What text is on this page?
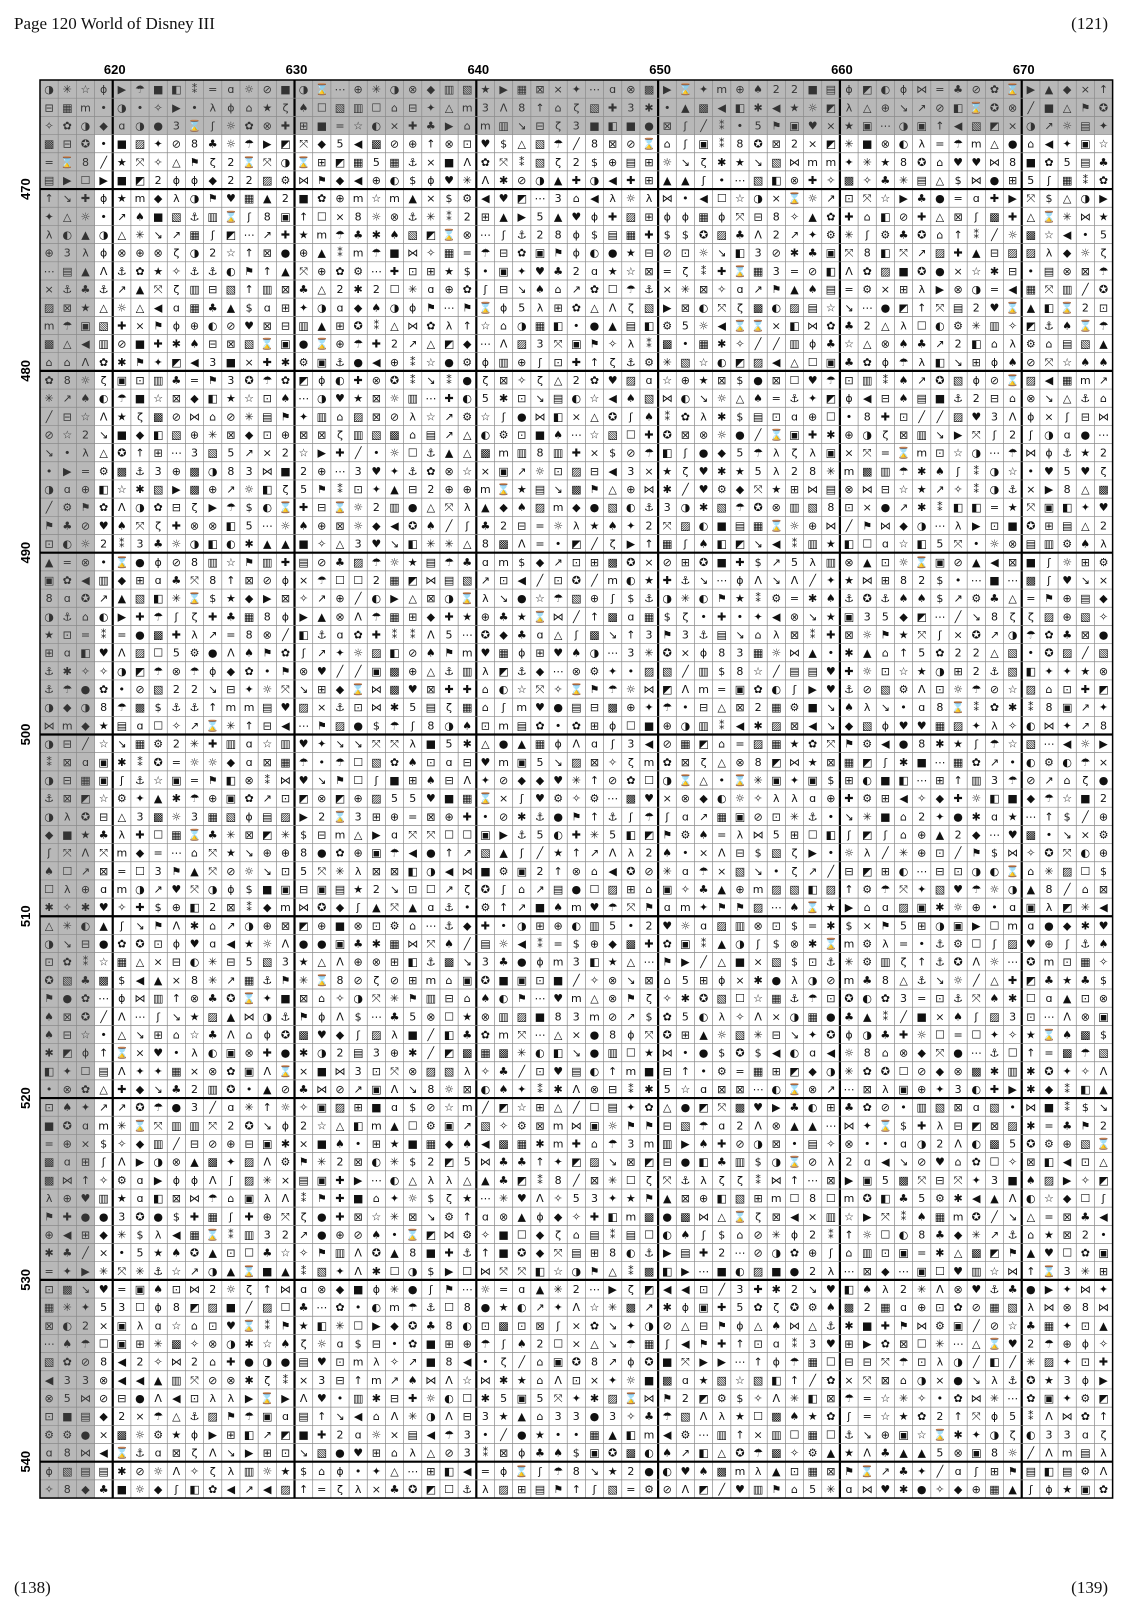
Page 120 World of Disney III	(121)
(138)	(139)
◑ ✳ ☆ ϕ ▶ ☂ ■ ◧ ⁑ = ɑ ☼ ⊘ ■ ◑ ⌛ ⋯ ⊕ ✳ ◑ ⊗ ◆ ▥ ▧ ★ ▶ ▦ ⊠ × ✦ ⋯ ɑ ⊗ ▩ ▶ ⌛ ✦ m ⊕ ♠ 2 2 ■ ▤ ϕ ◩ ◐ ϕ ⋈ = ♣ ⊘ ✿ ⌛ ▶ ▲ ◆ × ↑
⊟ ▦ m • ◑ • ✧ ▶ • λ ϕ ⌂ ★ ζ ♠ ☐ ▧ ▥ ☐ ⌂ ⊟ ✦ △ m 3 Ʌ 8 ↑ ⌂ ζ ▧ ✚ 3 ✱ • ▲ ▩ ◀ ◧ ✱ ◀ ★ ☼ ◩ λ △ ⊕ ↘ ↗ ⊘ ◧ ⌛ ✪ ⊗ ╱ ■ △ ⚑ ✪
✧ ✿ ◑ ◆ ɑ ◑ ● 3 ⌛ ʃ ☼ ✿ ⊗ ✚ ⊞ ■ = ☆ ◐ × ✚ ♣ ▶ ⌂ m ▥ ↘ ⊟ ζ 3 ■ ◧ ■ ● ⊠ ʃ ╱ ⁑ • 5 ⚑ ▣ ♥ × ★ ▣ ⋯ ◑ ▣ ↑ ◀ ▧ ◩ × ◑ ↗ ☼ ▤ ✦
▩ ⊟ ✪ • ■ ▨ ✦ ⊘ 8 ♣ ☼ ☂ ▶ ◩ ⤧ ◆ 5 ◀ ▩ ⊘ ⊕ ↑ ⊗ ⊡ ♥ $ △ ▧ ☂ ╱ 8 ⊠ ⊘ ⌛ ⌂ ʃ ▣ ⁑ 8 ✪ ⊠ 2 × ◩ ✳ ■ ⊗ ◐ λ = ☂ m △ ● ⌂ ◀ ✦ ▣ ☆
= ⌛ 8 ╱ ★ ⤧ ✧ △ ⚑ ζ 2 ⌛ ⤧ ◑ ⌛ ⊞ ◩ ▦ 5 ▦ ⚓ × ■ Ʌ ✿ ⤧ ⁑ ▧ ζ 2 $ ⊕ ▤ ⊞ ☼ ↘ ζ ✱ ★ ↘ ▧ ⋈ m m ✦ ✳ ★ 8 ✪ ⌂ ♥ ♥ ⋈ 8 ■ ✿ 5 ▤ ♣
▤ ▶ ☐ ▶ ■ ◩ 2 ϕ ϕ ◆ 2 2 ▨ ⚙ ⋈ ⚑ ◆ ◀ ⊕ ◐ $ ϕ ♥ ✳ Ʌ ✱ ⊘ ◑ ▲ ✚ ◑ ◀ ✚ ⊞ ▲ ▲ ʃ • ⋯ ▧ ◧ ⊗ ✚ ✧ ▩ ✧ ♣ ✳ ▤ △ $ ⋈ ● ⊞ 5 ʃ ▦ ⁑ ✿
↑ ↘ ✚ ϕ ★ m ◆ λ ◑ ⚑ ♥ ▦ ▲ 2 ■ ✿ ⊕ m ☆ m ▲ × $ ⚙ ◀ ♥ ◩ ⋯ 3 ⌂ ◀ λ ☼ λ ⋈ • ◀ ☐ ☆ ◑ × ⌛ ☼ ↗ ⊡ ⤧ ☆ ▶ ♣ ● = ɑ ✚ ▶ ⤧ $ △ ◑ ▶
✦ △ ☼ • ↗ ♠ ■ ▧ ⚓ ▥ ⌛ ʃ 8 ▣ ↑ ☐ × 8 ☼ ⊗ ⚓ ✳ ⁑ 2 ⊞ ▲ ▶ 5 ▲ ♥ ϕ ✚ ▨ ⊞ ϕ ϕ ▦ ϕ ⤧ ⊟ 8 ✧ ▲ ✿ ✚ ⌂ ◧ ⊘ ✚ △ ⊠ ʃ ▩ ✚ △ ⌛ ✳ ⋈ ★
λ ◐ ▲ ◑ △ ✳ ↘ ↗ ▦ ʃ ◩ ⋯ ↗ ✚ ★ m ☂ ♣ ✱ ♠ ▧ ◩ ⌛ ⊗ ⋯ ʃ ⚓ 2 8 ϕ $ ▤ ▦ ✚ $ $ ✪ ▨ ♣ Ʌ 2 ↗ ✦ ⚙ ✳ ʃ ⚙ ♣ ✪ ⌂ ↑ ⁑ ╱ ☼ ▩ ☆ ◀ • 5
⊕ 3 λ ϕ ⊗ ⊕ ⊗ ζ ◑ 2 ☆ ↑ ⊠ ● ⊕ ▲ ⁑ m ☂ ■ ⋈ ✧ ▦ = ☂ ⊟ ✿ ▣ ⚑ ϕ ◐ ● ★ ⊟ ⊘ ⊡ ☼ ↘ ◧ 3 ⊘ ✱ ♣ ▣ ⤧ 8 ◧ ⤧ ↗ ▨ ✚ ▲ ⊟ ▨ ▨ λ ◆ ☼ ζ
⋯ ▤ ▲ Ʌ ⚓ ✿ ★ ✧ ⚓ ⚓ ◐ ⚑ ↑ ▲ ⤧ ⊕ ✿ ⚙ ⋯ ✚ ⊡ ⊞ ★ $ • ▣ ✦ ♥ ♣ 2 ɑ ★ ☆ ⊠ = ζ ⁑ ✚ ⌛ ▦ 3 = ⊘ ◧ Ʌ ✿ ▨ ■ ✪ ● × ☆ ✱ ⊟ • ▤ ⊗ ⊠ ☂
× ⚓ ♣ ⚓ ↗ ▲ ⤧ ζ ▥ ⊟ ▧ ↑ ▥ ⊠ ♣ △ 2 ✱ 2 ☐ ✳ ɑ ⊕ ✿ ʃ ⊟ ↘ ♠ ⌂ ↗ ✿ ☐ ☂ ⚓ × ✳ ⊠ ✧ ɑ ↗ ⚑ ▲ ♠ ▤ = ⚙ × ⊞ λ ▶ ⊗ ◑ = ◀ ▦ ⤧ ▥ ╱ ✪
▨ ⊠ ★ △ ☼ △ ◀ ɑ ▦ ♣ ▲ $ ɑ ⊞ ✦ ◑ ɑ ◆ ♠ ◑ ϕ ⚑ ⋯ ⚑ ⌛ ϕ 5 λ ⊞ ✿ △ Ʌ ζ ▧ ▶ ⊠ ◐ ⤧ ζ ▩ ◐ ▨ ▤ ☆ ↘ ⋯ ● ◩ ↑ ⤧ ▤ 2 ♥ ⌛ ▲ ◧ ⌛ 2 ⊡
m ☂ ▣ ▧ ✚ × ⚑ ϕ ⊕ ◐ ⊘ ♥ ⊠ ⊟ ▥ ▲ ⊞ ✪ ⁑ △ ⋈ ✿ λ ↑ ☆ ⌂ ◑ ▦ ◧ • ● ▲ ▤ ◧ ⚙ 5 ☼ ◀ ⌛ ⌛ × ◧ ⋈ ✿ ♣ 2 △ λ ☐ ◐ ⚙ ✳ ▥ ✧ ◩ ⚓ ♠ ⌛ ☂
▩ △ ◀ ▥ ⊘ ■ ✚ ✱ ♠ ⊟ ⊠ ▧ ⌛ ▣ ● ⌛ ⊕ ☂ ✚ 2 ↗ △ ◩ ◆ ⋯ Ʌ ▨ 3 ⤧ ▣ ⚑ ✧ λ ⁑ ▩ • ▦ ✱ ✧ ╱ ╱ ▥ ϕ ♣ ☆ △ ⊗ ♠ ♣ ↗ 2 ◧ ⌂ λ ⚙ ⌂ ▤ ▧ ▲
⌂ ⌂ Ʌ ✿ ✱ ⚑ ✦ ◩ ◀ 3 ■ × ✚ ✱ ⚙ ▣ ⚓ ● ◀ ⊕ ⁑ ☆ ● ⚙ ϕ ▥ ⊕ ʃ ⊡ ✚ ↑ ζ ⚓ ⚙ ✳ ▧ ☆ ◐ ◩ ▨ ◀ △ ☐ ▣ ♣ ✿ ϕ ☂ λ ◧ ↘ ⊞ ϕ ♠ ⊘ ⤧ ☆ ♠ ♠
✿ 8 ☼ ζ ▣ ⊡ ▥ ♣ = ⚑ 3 ✪ ☂ ✿ ◩ ϕ ◐ ✚ ⊗ ✪ ⁑ ↘ ⁑ ● ζ ⊠ ✧ ζ △ 2 ✿ ♥ ▨ ɑ ☆ ⊕ ★ ⊠ $ ● ⊠ ☐ ♥ ☂ ⊡ ▥ ⁑ ♠ ↗ ✪ ▧ ϕ ⊘ ⌛ ▨ ◀ ▦ m ↗
✳ ↗ ♠ ◐ ☂ ■ ☆ ⊠ ◆ ◧ ★ ☆ ⊡ ♠ ⋯ ◑ ♥ ★ ⊠ ☼ ▥ ⋯ ✚ ◐ 5 ✱ ⊡ ↘ ▤ ◐ ☆ ◀ ♠ ▧ ⋈ ◐ ↘ ☼ △ ♠ = ⚓ ✦ ◩ ϕ ◀ ⊟ ♠ ▤ ■ ⚓ 2 ⊟ ⌂ ⊗ ↘ △ ⚓ ⌂
╱ ⊟ ☆ Ʌ ★ ζ ▩ ⊘ ⋈ ⌂ ⊘ ✳ ▤ ⚑ ✦ ▥ ⌂ ▨ ⊠ ⊘ λ ☆ ↗ ⚙ ☆ ʃ ● ⋈ ◧ × △ ✪ ʃ ♠ ⁑ ✿ λ ✱ $ ▤ ⊡ ɑ ⊕ ☐ • 8 ✚ ⊡ ╱ ╱ ▨ ♥ 3 Ʌ ϕ × ʃ ⊟ ⋈
⊘ ☆ 2 ↘ ■ ◆ ◧ ▧ ⊕ ✳ ⊠ ◆ ⊡ ⊕ ⊠ ⊠ ζ ▥ ▧ ▩ ⌂ ▤ ↗ △ ◐ ⚙ ⊡ ■ ♠ ⋯ ☆ ▧ ☐ ✚ ✪ ⊠ ⊗ ☼ ● ╱ ⌛ ▣ ✚ ✱ ⊕ ◑ ζ ⊠ ▥ ↘ ▶ ⤧ ʃ 2 ʃ ◑ ɑ ● ⋯
↘ • λ △ ✪ ↑ ⊞ ⋯ 3 ▧ 5 ↗ × 2 ☆ ▶ ✚ ╱ • ☼ ☐ ⚓ ▲ △ ▩ m ▥ 8 ▥ ✚ × $ ⊘ ☂ ◧ ʃ ● ◆ 5 ☂ λ ζ λ ▣ × ⤧ = ⌛ m ⊡ ☆ ◑ ⋯ ☂ ⋈ ϕ ⚓ ★ 2
• ▶ = ⚙ ▩ ⚓ 3 ⊕ ▩ ◑ 8 3 ⋈ ■ 2 ⊕ ⋯ 3 ♥ ✦ ⚓ ✿ ⊗ ☆ × ▣ ↗ ☼ ⊡ ▨ ⊟ ◀ 3 × ★ ζ ♥ ✱ ★ 5 λ 2 8 ✳ m ▩ ▥ ☂ ✱ ♠ ʃ ⁑ ◑ ☆ • ♥ 5 ♥ ζ
◑ ɑ ⊕ ◧ ☆ ✱ ▧ ▶ ▩ ⊕ ↗ ☼ ◧ ζ 5 ⚑ ⁑ ⊡ ✦ ▲ ⊟ 2 ⊕ ⊕ m ⌛ ★ ▤ ↘ ▩ ⚑ △ ⊕ ⋈ ✱ ╱ ♥ ⚙ ◆ ⤧ ★ ⊞ ⋈ ▤ ⊗ ⋈ ⊟ ☆ ★ ↗ ✧ ⁑ ◑ ⚓ × ▶ 8 △ ▩
╱ ⚙ ⚑ ✿ Ʌ ◑ ✿ ⊟ ζ ▶ ☂ $ ◐ ⌛ ✚ ⊟ ⌛ ☼ 2 ▥ ● △ ⤧ λ ▲ ◆ ♠ ▨ m ◆ ● ▧ ◐ ⚓ 3 ◑ ✱ ▧ ☂ ✪ ⊗ ▥ ▧ 8 ⊡ × ● ↗ ✱ ⁑ ◧ ◧ = ★ ⤧ ▣ ◧ ✦ ♥
⚑ ♣ ⊘ ♥ ♠ ⤧ ζ ✚ ⊗ ⊗ ◧ 5 ⋯ ☼ ♠ ⊕ ⊠ ☼ ◆ ◀ ✪ ♠ ╱ ʃ ♣ 2 ⊟ = ☼ λ ★ ♠ ✦ 2 ⤧ ▨ ◐ ■ ▤ ▦ ⌛ ☼ ⊕ ⋈ ╱ ⚑ ⋈ ◆ ◑ ⋯ λ ▶ ⊡ ■ ✪ ⊞ ▤ △ 2
⊡ ◐ ☼ 2 ⁑ 3 ♣ ☼ ◑ ◧ ◐ ✱ ▲ ▲ ■ ✧ △ 3 ♥ ↘ ◧ ✳ ✳ △ 8 ▩ Ʌ = • ◩ ╱ ζ ▶ ↑ ▦ ʃ ♠ ◧ ◩ ↘ ◀ ⁑ ▥ ★ ◧ ☐ ɑ ☆ ◧ 5 ⤧ • ☼ ⊗ ▤ ▥ ⚙ ♠ λ
▲ = ⊗ • ⌛ ● ϕ ⊘ 8 ▥ ☆ ⚑ ▥ ✚ ▤ ⊘ ♣ ▨ ☂ ☼ ★ ▤ ☂ ♣ ɑ m $ ◆ ↗ ⊡ ⊞ ▩ ✪ × ⊘ ⊞ ✪ ■ ✚ $ ↗ 5 λ ▥ ⊗ ▲ ⊡ ☼ ⌛ ▣ ⊘ ▲ ◀ ⊠ ■ ʃ ☼ ⊞ ⚙
▣ ✿ ◀ ▥ ◆ ⊞ ɑ ♣ ⤧ 8 ↑ ⊠ ⊘ ϕ × ☂ ☐ ☐ 2 ▦ ◩ ⋈ ▤ ▧ ↗ ⊡ ◀ ╱ ⊡ ✪ ╱ m ◐ ★ ✚ ⚓ ↘ ⋯ ϕ Ʌ ↘ Ʌ ╱ ✦ ★ ⋈ ⊞ 8 2 $ • ⋯ ■ ⋯ ▩ ʃ ♥ ↘ ×
8 ɑ ✪ ↗ ▲ ▧ ◧ ✳ ⌛ $ ★ ◆ ▶ ⊠ ✧ ↗ ⊕ ╱ ◐ ▶ △ ⊠ ◑ ⌛ λ ↘ ● ☆ ☂ ▧ ⊕ ʃ $ ⚓ ◑ ✳ ◐ ⚑ ★ ⁑ ⚙ = ✱ ♠ ⚓ ✪ ⚓ ♠ ♠ $ ↗ ⚙ ♣ △ = ⚑ ⊕ ▤ ◆
◑ ⚓ ⌂ ◐ ▶ ✚ ☂ ʃ ζ ✚ ♣ ▦ 8 ϕ ▶ ▲ ⊗ Ʌ ☂ ▦ ⊞ ◆ ✚ ★ ⊕ ♣ ★ ⌛ ⋈ ╱ ↑ ▩ ɑ ▦ $ ζ • ✚ • ✦ ◀ ⊗ ↘ ★ ▣ 3 5 ◆ ◩ ⋯ ╱ ↘ 8 ζ ζ ▨ ⊕ ▧ ✧
★ ⊡ = ⁑ = ● ▩ ✚ λ ↗ = 8 ⊗ ╱ ◧ ⚓ ɑ ✿ ✚ ⁑ ⁑ Ʌ 5 ⋯ ✪ ◆ ♣ ɑ △ ʃ ▩ ↘ ↑ 3 ⚑ 3 ⚓ ▤ ↘ ⌂ λ ⊠ ⁑ ✚ ⊠ ☼ ⚑ ★ ⤧ ʃ × ✪ ↗ ◑ ☂ ✿ ♣ ⊠ ●
⊞ ɑ ◧ ♥ Ʌ ▨ ☐ 5 ⚙ ● Ʌ ♠ ⚑ ✿ ʃ ↗ ✦ ☼ ▨ ◧ ⊘ ♠ ⚑ m ♥ ▦ ϕ ⊞ ♥ ♠ ◑ ⋯ 3 ✳ ✪ × ϕ 8 3 ▦ ☼ ⋈ ▲ • ✱ ▲ ⌂ ↑ 5 ✿ 2 2 △ ▧ • ✪ ▨ ╱ ▧
⚓ ✱ ✧ ✧ ◑ ◩ ☂ ⊗ ☂ ϕ ◆ ✿ • ⚑ ⊗ ♥ ╱ ╱ ▣ ▩ ⊕ △ ⚓ ▥ λ ◩ ⚓ ◆ ⋯ ⊗ ⚙ ✦ • ▨ ▧ ╱ ▥ $ 8 ☆ ╱ ▤ ▤ ♥ ✚ ☼ ⊡ ☆ ★ ◑ ⊞ 2 ⚓ ▧ ◧ ✦ ✦ ★ ⊗
⚓ ☂ ● ✿ • ⊘ ▧ 2 2 ↘ ⊟ ✦ ☼ ⤧ ↘ ⊞ ◆ ⌛ ⋈ ▩ ♥ ⊠ ✚ ✚ ⌂ ◐ ☆ ⤧ ✧ ⌛ ⚑ ☂ ☼ ⋈ ◩ Ʌ m = ▣ ✿ ◐ ʃ ▶ ♥ ⚓ ⊘ ▧ ⚙ Ʌ ⊡ ☼ ☂ ⊘ ☆ ▨ ⌂ ⊡ ✚ ◩
◑ ◆ ◑ 8 ☂ ▩ $ ⚓ ⚓ ↑ m m ▤ ♥ ▨ × ⚓ ⊡ ⋈ ✱ 5 ▤ ζ ▦ ⌂ ʃ m ♥ ● ▤ ⊟ ▩ ⊕ ✦ ☂ • ⊟ △ ⊠ 2 ▦ ⚙ ■ ↘ ♠ λ ↘ • ɑ 8 ⌛ ⁑ ✿ ✱ ⁑ 8 ▣ ↗ ✦
⋈ m ◆ ★ ▤ ɑ ☐ ✧ ↗ ⌛ ✳ ↑ ⊟ ◀ ⋯ ⚑ ▨ ● $ ☂ ʃ 8 ◑ ♠ ⊡ m ▤ ✿ • ✿ ⊞ ϕ ☐ ■ ⊕ ◑ ▥ ⁑ ◀ ✱ ▨ ⊠ ◀ ↘ ◆ ▧ ϕ ♥ ♥ ▦ ▨ ✦ λ ✧ ◐ ⋈ ✦ ↗ 8
◑ ⊟ ╱ ☆ ↘ ▦ ⚙ 2 ✳ ✚ ▥ ɑ ☆ ▥ ♥ ✦ ↘ ↘ ⤧ ⤧ λ ■ 5 ✱ △ ● ▲ ▦ ϕ Ʌ ɑ ʃ 3 ◀ ⊘ ▦ ◩ ⌂ = ▨ ▦ ★ ✿ ⤧ ⚑ ⚙ ◀ ● 8 ✱ ★ ʃ ☂ ☆ ▧ ⋯ ◀ ☼ ▶
⁑ ⊠ ɑ ▣ ✱ ⁑ ✪ = ☼ ☼ ◆ ɑ ⊠ ▦ ☂ • ☂ ☐ ▧ ✿ ♠ ⊡ ɑ ⊟ ♥ m ▣ 5 ↘ ▨ ⊠ ✧ ζ m ✿ ⊠ ζ △ ⊗ 8 ◩ ⋈ ★ ⊠ ▦ ◩ ʃ ✱ ■ ⋯ ▦ ✿ ↗ • ◐ ⚙ ◐ ☂ ×
◑ ⊟ ▦ ▣ ʃ ⚓ ☆ ▣ = ⚑ ◧ ⊗ ⁑ ⋈ ♥ ↘ ⚑ ☐ ʃ ■ ⊞ ♠ ⊟ Ʌ ✦ ⊘ ◆ ◆ ♥ ✳ ↑ ⊘ ✿ ☐ ◑ ⌛ △ • ⌛ ✳ ▣ ✦ ▣ $ ⊞ ◐ ■ ◧ ⋯ ⊞ ↑ ▥ 3 ☂ ⊘ ↗ ⌂ ζ ●
⚓ ⊠ ◩ ☆ ⚙ ✦ ▲ ✱ ☂ ⊕ ▣ ✿ ↗ ⊡ ◩ ⊗ ◩ ⊕ ▨ 5 5 ♥ ■ ▦ ⌛ × ʃ ♥ ⚙ ✧ ⚙ ⋯ ▩ ♥ × ⊗ ◆ ◐ ☼ ✧ λ λ ɑ ⊕ ✚ ⚙ ⊞ ◀ ✧ ◆ ✚ ☼ ◧ ■ ◆ ☂ ☆ ■ 2
◑ λ ✪ ⊟ △ 3 ▩ ☼ 3 ▦ ▧ ϕ ▤ ▨ ▶ 2 ⌛ 3 ⊞ ⊕ = ⊠ ⊕ ✚ • ⊘ ✱ ⚓ ● ⚑ ↑ ⚓ ʃ ☂ ʃ ɑ ↗ ▦ ▣ ⊘ ⊡ ✳ ⚓ • ↘ ✳ ■ ⌂ 2 ✦ ● ✱ ɑ ★ ⋯ ↑ $ ╱ ⊕
◆ ■ ★ ♣ λ ✚ ☐ ▦ ⌛ ♣ ✳ ⊠ ◩ ✳ $ ⊟ m △ ▶ ɑ ⤧ ⤧ ☐ ☐ ▣ ▶ ⚓ 5 ◐ ✚ ✳ 5 ◧ ◩ ⚑ ⚙ ♠ = λ ⋈ 5 ⊞ ☐ ◧ ʃ ◩ ʃ ⌂ ⊕ ▲ 2 ◆ ⋯ ♥ ▩ • ↘ × ⚙
ʃ ⤧ Ʌ ⤧ m ◆ = ⋯ ⌂ ⤧ ★ ↘ ⊕ ⊕ 8 ● ✿ ⊕ ▣ ☂ ◀ ● ↑ ↗ ▧ ▲ ʃ ╱ ★ ↑ ↗ Ʌ λ 2 ♠ • × Ʌ ⊟ $ ▧ ζ ▶ • ☼ λ ╱ ✳ ⊕ ⊡ ╱ ⚑ $ ⋈ ✧ ✪ ⤧ ◐ ⊕
♠ ☐ ↗ ⊠ = ☐ 3 ⚑ ▲ ⤧ ⊘ ☼ ↘ ⊡ 5 ⤧ ✳ λ ⊠ ⊠ ◧ ◑ ◀ ⋈ ■ ⚙ ▣ 2 ↑ ⊗ ⌂ ◀ ✪ ⊘ ✳ ɑ ☂ × ▧ ↘ • ζ ↗ ╱ ⊟ ◩ ⊞ ◐ ⋯ ⊟ ⊡ ◑ ◐ ⌛ ⌂ ✳ ▨ ☐ $
☐ λ ⊕ ɑ m ◑ ↗ ♥ ⤧ ◑ ϕ $ ■ ▣ ⊟ ▣ ▤ ★ 2 ↘ ⊡ ☐ ↗ ζ ✪ ʃ ⌂ ↗ ▤ ● ☐ ▨ ⊞ ⌂ ▣ ✧ ♣ ▲ ⊕ m ▨ ▧ ◧ ▨ ↑ ⚙ ☂ ⤧ ✦ ▧ ♥ ☂ ☼ ◑ ▲ 8 ╱ ⌂ ⊠
✱ ✧ ✱ ♥ ✧ ✚ $ ⊕ ◧ 2 ⊠ ⁑ ◆ m ⋈ ✪ ◆ ʃ ▲ ⤧ ▲ ɑ ⚓ • ⚙ ↑ ↗ ■ ♠ m ♥ ☂ ⤧ ⚑ ɑ m ✦ ⚑ ⚑ ▨ ⋯ ♠ ⌛ ★ ▶ ⌂ ɑ ▨ ▣ ✱ ☼ ⊕ • ɑ ▣ λ ◩ ✳ ◀
△ ✳ ◐ ▲ ʃ ↘ ⚑ Ʌ ✱ ⌂ ↗ ◑ ⊕ ⊠ ◩ ⊕ ■ ⊗ ⊡ ⚙ ⌂ ⋯ ⚓ ◆ ✚ • ◑ ⊞ ⊕ ◐ ▥ 5 • 2 ♥ ☼ ɑ ▨ ▥ ⊗ ⊡ $ = ✱ $ × ⚑ 5 ⊞ ◑ ▣ ▶ ☐ m ɑ ● ◆ ✱ ♥
◑ ↘ ⊟ ● ✿ ✪ ⊡ ϕ ♥ ɑ ◀ ★ ☼ Ʌ ● ● ▣ ♣ ✱ ▦ ⋈ ⤧ ♠ ╱ ▤ ☼ ◀ ⁑ = $ ⊕ ◆ ▩ ✚ ✿ ▣ ⁑ ▲ ◑ ʃ $ ⊗ ✱ ⌛ m ⚙ λ = • ⚓ ⚙ ☐ ʃ ▨ ♥ ⊕ ʃ ⚓ ♠
⊡ ✿ ⁑ ☆ ▦ △ × ⊟ ◐ ✳ ⊟ 5 ▧ 3 ★ △ Ʌ ⊕ ⊗ ⊞ ◧ ⚓ ▩ ↘ 3 ♣ ● ϕ m 3 ◧ ★ △ ⋯ ⚑ ▶ ╱ △ ■ × ▧ $ ⊡ ⚓ ✳ ⚙ ▥ ζ ↑ ⚓ ✪ Ʌ ☼ ⋯ ✪ m ⊡ ▦ ✧
✪ ▧ ♣ ▩ $ ◀ ▲ × 8 ✳ ↗ ▦ ⚓ ⚑ ✳ ⌛ 8 ⊘ ζ ⊘ ⊞ m ⌂ ▣ ✪ ■ ▣ ⊡ ■ ╱ ✧ ⊗ ↘ ⊠ ⌂ 5 ⊞ ϕ × ✱ ● λ ◑ ⊘ m ♣ 8 △ ⚓ ↘ ☼ ╱ △ ✚ ◩ ♣ ★ ♣ $
⚑ ● ✿ ⋯ ϕ ⋈ ▥ ↑ ⊗ ♣ ✪ ⌛ ✦ ■ ⊠ ⌂ ✧ ◑ ⤧ ✳ ⚑ ▥ ⊟ ⌂ ♠ ◐ ⚑ ⋯ ♥ m △ ⊗ ⚑ ζ ✧ ✱ ✪ ▧ ☐ ☆ ▦ ⚓ ☂ ⊡ ✪ ◐ ✿ 3 = ⊡ ⚓ ⤧ ♠ ✱ ☐ ɑ ▲ ⊡ ⊗
♠ ⊠ ✪ ╱ Ʌ ⋯ ʃ ↘ ★ ▨ ▲ ⋈ ◑ ⚓ ⚑ ϕ Ʌ $ ⋯ ♣ 5 ⊗ ☐ ★ ⊗ ▥ ▨ ■ 8 3 m ⊘ ↗ $ ✿ 5 ◐ λ ✧ Ʌ × ◑ ▦ ● ♣ ▲ ⁑ ╱ ■ × ♠ ʃ ▨ 3 ⊡ ⋯ Ʌ ⊗ ▣
♠ ⊟ ☆ • △ ↘ ⊞ ⌂ ☆ ♣ Ʌ ⌂ ϕ ✪ ▩ ♥ ◆ ʃ ▨ λ ■ ╱ ◧ ♣ ✿ m ⤧ ⋯ △ × ● 8 ϕ ⤧ ✪ ⊞ ▲ ☼ ▧ ✳ ⊟ ↘ ✦ ✪ ϕ ◑ ♣ ✚ ☼ ☐ = ☐ ✦ ✧ ★ ⌛ ♠ ▩ $
✱ ◩ ϕ ↑ ⌛ × ♥ • λ ◐ ▣ ⊗ ✚ ● ✱ ◑ 2 ▤ 3 ⊕ ✱ ╱ ◩ ▩ ▦ ▩ ✳ ◐ ◧ ↘ ● ▥ ☐ ★ ⋈ • ● $ ✪ $ ◀ ◐ ɑ ◀ ☼ 8 ⌂ ⊗ ◆ ⤧ ● ⋯ ⚓ ☐ ↑ = ▩ ☂ ▧
◧ ✦ ☐ ▤ Ʌ ✦ ✦ ▦ × ⊗ ✿ ▣ Ʌ ⌛ × ■ ⋈ 3 ⊡ ⤧ ⊗ ▨ ▧ λ ✧ ♣ ╱ ⊡ ♥ ▤ ◐ ↑ m ■ ⊟ ↑ • ⚙ = ▦ ⊞ ◩ ◆ ◑ ✳ ✿ ✪ ☐ ⊘ ◆ ⊗ ▩ ✱ ▥ ✱ ✪ ✦ ✧ Ʌ
• ⊗ ✿ △ ✚ ◆ ↘ ♣ 2 ▥ ✪ • ▲ ⊘ ♣ ⋈ ⊘ ↗ ▣ Ʌ ↘ 8 ☼ ⊠ ◐ ♠ ✦ ⁑ ✱ Ʌ ⊗ ⊟ ⁑ ✱ 5 ☆ ɑ ⊠ ⊠ ⋯ ◐ ⌛ ⊗ ↗ ⋯ ⊠ λ ▣ ⊕ ✦ 3 ◐ ✚ ▶ ✱ ◆ ⁑ ◧ ▲
⊡ ♠ ✦ ↗ ↗ ✪ ☂ ● 3 ╱ ɑ ✳ ↑ ☼ ✧ ▣ ▨ ⊞ ■ ɑ $ ⊘ ☆ m ╱ ◩ ☆ ⊞ △ ╱ ☐ ▤ ✦ ✿ △ ● ◩ ⤧ ▩ ♥ ▶ ♣ ◐ ⊞ ♣ ✿ ⊘ • ▥ ▧ ⊠ ɑ ▧ • ⋈ ■ ⁑ $ ↘
■ ✪ ɑ m ✳ ⌛ ⤧ ▥ ▥ ⤧ 2 ✪ ↘ ϕ 2 ☆ △ ◧ m ▲ ☐ ⚙ ▣ ↗ ▧ ✧ ⚙ ⊠ m ⋈ ▣ ☼ ⚑ ⚑ ⊟ ▧ ☂ ɑ 2 Ʌ ⊗ ▲ ▲ ⋯ ⋈ ✦ ⌛ $ ✚ λ ⊟ ◩ ⊠ ▨ ✱ = ♣ ⚑ 2
= ⊕ × $ ✧ ◆ ▥ ╱ ⊟ ⊘ ⊕ ⊟ ▣ ✱ × ■ ♠ • ⊞ ★ ■ ▦ ◆ ♠ ◀ ▩ ▦ ✱ m ✚ ⌂ ☂ 3 m ▥ ▶ ♠ ✚ ⊘ ◑ ⊠ • ▤ ✧ ⊗ • • ɑ ◑ 2 Ʌ ◐ ▩ 5 ✪ ⚙ ⊕ ▧ ⌛
▩ ɑ ⊞ ʃ Ʌ ▶ ◑ ⊗ ▲ ▩ ✦ ▨ Ʌ ⚙ ⚑ ✳ 2 ⊠ ◐ ✳ $ 2 ◩ 5 ⋈ ♣ ♣ ↑ ✦ ◩ ▨ ↘ ⊠ ◩ ⊟ ● ◧ ♣ ▥ $ ◑ ⌛ ⊘ λ 2 ɑ ◀ ↘ ⊘ ♥ ⌂ ✿ ☐ ✧ ⊠ ◧ ◀ ⊡ △
▩ ⋈ ↑ ✧ ⚙ ɑ ▶ ϕ ϕ Ʌ ʃ ▨ ✳ × ▤ ▣ ✚ ▶ ⋯ ◐ △ λ λ △ ▲ ♣ ◩ ⁑ 8 ╱ ⊠ ✳ ☐ ζ ⤧ ⚓ λ ζ ζ ⁑ ⋈ ↑ ⋯ ⊠ ▶ ▣ 5 ▩ ⤧ ⊟ ⤧ ✦ 3 ■ ♠ ▨ ▶ ✧ ◩
λ ⊕ ♥ ▥ ★ ɑ ◧ ⊠ ⋈ ☂ ⌂ ▣ λ Ʌ ⁑ ⚑ ✚ ■ ⌂ ✦ ☼ $ ζ ★ ⋯ ✳ ♥ Ʌ ✧ 5 3 ✦ ★ ⚑ ▲ ⊠ ⊕ ◧ ▧ ⊞ m ☐ 8 ☐ m ✪ ◧ ♣ 5 ⚙ ✱ ◀ ▲ Ʌ ◐ ☆ ◆ ☐ ʃ
⚑ ✚ ● ● 3 ✪ ● $ ✚ ▦ ʃ ✚ ⊕ ⤧ ζ ● ✚ ⊠ ☆ ✳ ⊠ ↘ ⚙ ↑ ɑ ⊗ ▲ ϕ ◆ ✧ ✚ ◧ m ▩ ● ▩ ⋈ △ ⌛ ζ ⊠ ◀ × ▥ ☆ ▶ ⤧ ⁑ ♠ ▦ m ✪ ╱ ↘ △ = ⊠ ♣ ◀
⊕ ◀ ⊞ ◆ ✳ $ λ ◀ ▦ ⌛ ⁑ ▥ 3 2 ↗ ● ⊕ ⊘ ♠ • ⌛ ◩ ⋈ ⚙ ✧ ■ ☐ ◆ ζ ⌂ ▤ ⁑ ▤ ☐ ◐ ♠ ʃ $ ⌂ ⊘ ✳ ϕ 2 ⁑ ↑ ☼ ☐ ◐ 8 ♣ ◆ ✳ ↗ ⚓ ⌂ ★ ⊠ 2 •
✱ ♣ ╱ × • 5 ★ ♠ ✪ ▲ ⊡ ☐ ♣ ☆ ✧ ⚑ ▥ Ʌ ✪ ▲ 8 ■ ✚ ⚓ ↑ ■ ✪ ◆ ⤧ ▤ ⊞ 8 ◐ ⚓ ▶ ▤ ✚ 2 ⋯ ⊘ ◑ ✿ ⊕ ʃ ⌂ ▥ ⊡ ▣ = ✱ △ ▩ ◩ ⚑ ▲ ♥ ☐ ✿ ▣
= ✦ ▶ ✳ ⤧ ✳ ⚓ ☆ ↗ ◑ ▲ ⌛ ■ ▲ ⁑ ▧ ✦ Ʌ ✱ ☐ ◑ $ ▶ ☐ ⋈ ⤧ ⤧ ◧ ☆ ◑ ⚑ △ ⁑ ▩ ◧ ▶ ⋯ ■ ◐ ▨ ■ ● 2 λ ⋯ ⊠ ◆ ⋯ ▣ ☐ ♥ ▥ ☆ ⋈ ↑ ⌛ 3 ✳ ⊞
⊡ ▩ ↘ ♥ = ▣ ♠ ⊡ ⋈ 2 ☼ ζ ↑ ⋈ ɑ ⊗ ◆ ■ ϕ ✳ ● ʃ ⚑ ⋯ ☼ = ɑ ▲ ✳ 2 ⋯ ▶ ζ ◩ ◀ ◀ ⊡ ╱ 3 ✚ ✱ 2 ↘ ♥ ◧ ♠ λ 2 ✳ Ʌ ⊗ ♥ ⚓ ♣ ● ▶ ✦ ⋈ ✦
▦ ✳ ✦ 5 3 ☐ ϕ 8 ◩ ▨ ■ ╱ ▨ ☐ ♣ ⋯ ✿ • ◐ m ☂ ⚓ ☐ 8 ● ★ ◐ ↗ ✦ Ʌ ☆ ✳ ▩ ↗ ✱ ϕ ▣ ✚ 5 ✿ ζ ✪ ⚙ ♠ ▩ 2 ▦ ɑ ⊕ ⊡ ✿ ⊘ ▦ ▧ λ ⋈ ⊗ 8 ⋈
⊠ ◐ 2 × ▣ λ ɑ ☆ ⌂ ⊡ ♥ ⌛ ⁑ ⚑ ★ ◧ ✳ ☐ ▶ ◆ ✪ ♣ 8 ◐ ⊡ ▩ ⊡ ⊠ ʃ × ✿ ↘ ✦ ◑ ⊘ △ ⊟ ⚑ ϕ △ ♠ ⋈ △ ⚓ ✱ ■ ✚ ⚑ ⋈ ⚙ ▣ ╱ ⊘ ☆ ♣ ▦ ✦ ⊡ ▲
⋯ ♠ ☂ ☐ ▣ ⊞ ✳ ▩ ✧ ⊗ ◑ ✱ ☆ ♠ ζ ☼ ɑ $ ⊟ • ✿ ■ ⊞ ⊕ ☂ ʃ ♠ 2 ☐ × △ ↘ ☂ ▦ ʃ ◀ ⚑ ✚ ↑ ⊡ ɑ ⁑ 3 ♥ ⊞ ▶ ✿ ⊠ ☐ ✳ ⋯ △ ⌛ ♥ 2 ☂ ⊕ ϕ ✧
▧ ✿ ⊘ 8 ◀ 2 ✧ ⋈ 2 ⌂ ✚ ● ◑ ● ▤ ♥ ⊡ m λ ✧ ↗ ■ 8 ◀ • ζ ╱ ⌂ ▣ ✪ 8 ↗ ϕ ✪ ■ ⤧ ▶ ▶ ⋯ ↑ ϕ ☂ ▦ ☐ ⊟ ⊟ ⤧ ☂ ⊡ λ ◑ ╱ ◧ ╱ ✳ ▨ ✦ ⊡ ✚
◀ 3 3 ⊗ ◀ ◀ ▲ ▥ ⤧ ⊘ ⊗ ✱ ζ ⁑ × 3 ⊟ ↑ m ↗ ♠ ⋈ Ʌ ☆ ⋈ ✱ ★ ⌂ Ʌ ⊡ × ✦ ☼ ■ ▩ ɑ ★ ▧ ☆ ▧ ◧ ↑ ╱ ✿ × ⤧ ⊠ ⌂ ◑ × ● ↘ λ ⚓ ✪ ★ 3 ϕ ▶
⊗ 5 ⋈ ⊘ ⊟ ● Ʌ ◀ ⊡ λ λ ▶ ⌛ ▶ Ʌ ♥ • ▥ ✱ ⊟ ✚ ☼ ◐ ☐ ✱ 5 ▣ 5 ⤧ ✦ ✱ ▨ ⌛ ⋈ ⚑ 2 ◩ ⚙ $ ✧ Ʌ ✳ ◧ ⊠ ☂ = ☆ ✳ ✧ • ✿ ⋈ ✳ ⋯ ✿ ▣ ✦ ⚙ ◩
⊡ ■ ▤ ◆ 2 × ☂ △ ⚓ ▨ ⚑ ☂ ▣ ɑ ▤ ↑ ↘ ◀ ⌂ Ʌ ✳ ◑ Ʌ ⊟ 3 ★ ▲ ⌂ 3 3 ● 3 ✧ ♣ ☂ ▧ Ʌ λ ★ ☐ ▩ ♠ ★ ✿ ʃ = ☆ ★ ✿ 2 ↑ ⤧ ϕ 5 ⁑ Ʌ ⋈ ✿ ↑
⚙ ⚙ ● × ▩ ☼ ⚙ ★ ϕ ▶ ⊞ ◧ ↗ ◩ ■ ✚ 2 ɑ ☼ × ▤ ◀ ☂ 3 • ╱ ● ★ • • ▦ ▲ ◧ m ◀ ⚙ ⋯ ▥ ↑ × ▥ ☐ ▦ ☐ ⚓ ↘ ⊕ ▣ ☆ ⌛ ✱ ✦ ◑ ζ ◐ 3 3 ɑ ζ
ɑ 8 ⋈ ◀ ⌛ ⚓ ɑ ⊠ ζ Ʌ ↘ ▶ ⊞ ⊡ ↘ ▧ ● ♥ ⊞ ⌂ λ △ ⊘ 3 ⁑ ⊠ ϕ ♣ ♠ $ ▣ ✪ ▩ ◐ ♠ ↗ ◧ △ ✪ ☂ ▩ ✧ ⚙ ▲ ★ Ʌ ♣ ▲ ▲ 5 ⊗ ▣ 8 ☼ ╱ Ʌ m ▤ λ
ϕ ▧ ▤ ▤ ✱ ⊘ ☼ Ʌ ✧ ζ λ ▥ ☼ ★ $ ⌂ ϕ • ✦ △ ⋯ ⊞ ◧ ◀ = ϕ ⌛ ʃ ☂ 8 ↘ ★ 2 ● ◐ ♥ ♠ ▩ m λ ▲ ⊡ ▦ ⊠ ⚑ ⌛ ↗ ♣ ✦ ╱ ɑ ʃ ⊞ ⚑ ▤ ◧ ▤ ⚙ Ʌ
✧ 8 ◆ ♣ ■ ☼ ◆ ʃ ◧ ✿ ◀ ↗ ◀ ▨ ↑ = ζ λ × ♣ ✪ ◩ ☐ ⚓ λ ▨ ⊞ ▤ ⚑ ↑ ʃ ▧ = ⚙ ⊘ Ʌ ◩ ╱ ♥ ▥ ⚑ ⌂ 5 ✳ ɑ ⋈ ♥ ✱ ● ✧ ◆ ⊕ ▦ ▲ ʃ ϕ ★ ▣ ✿
620	630	640	650	660	670
470
480
490
500
510
520
530
540
